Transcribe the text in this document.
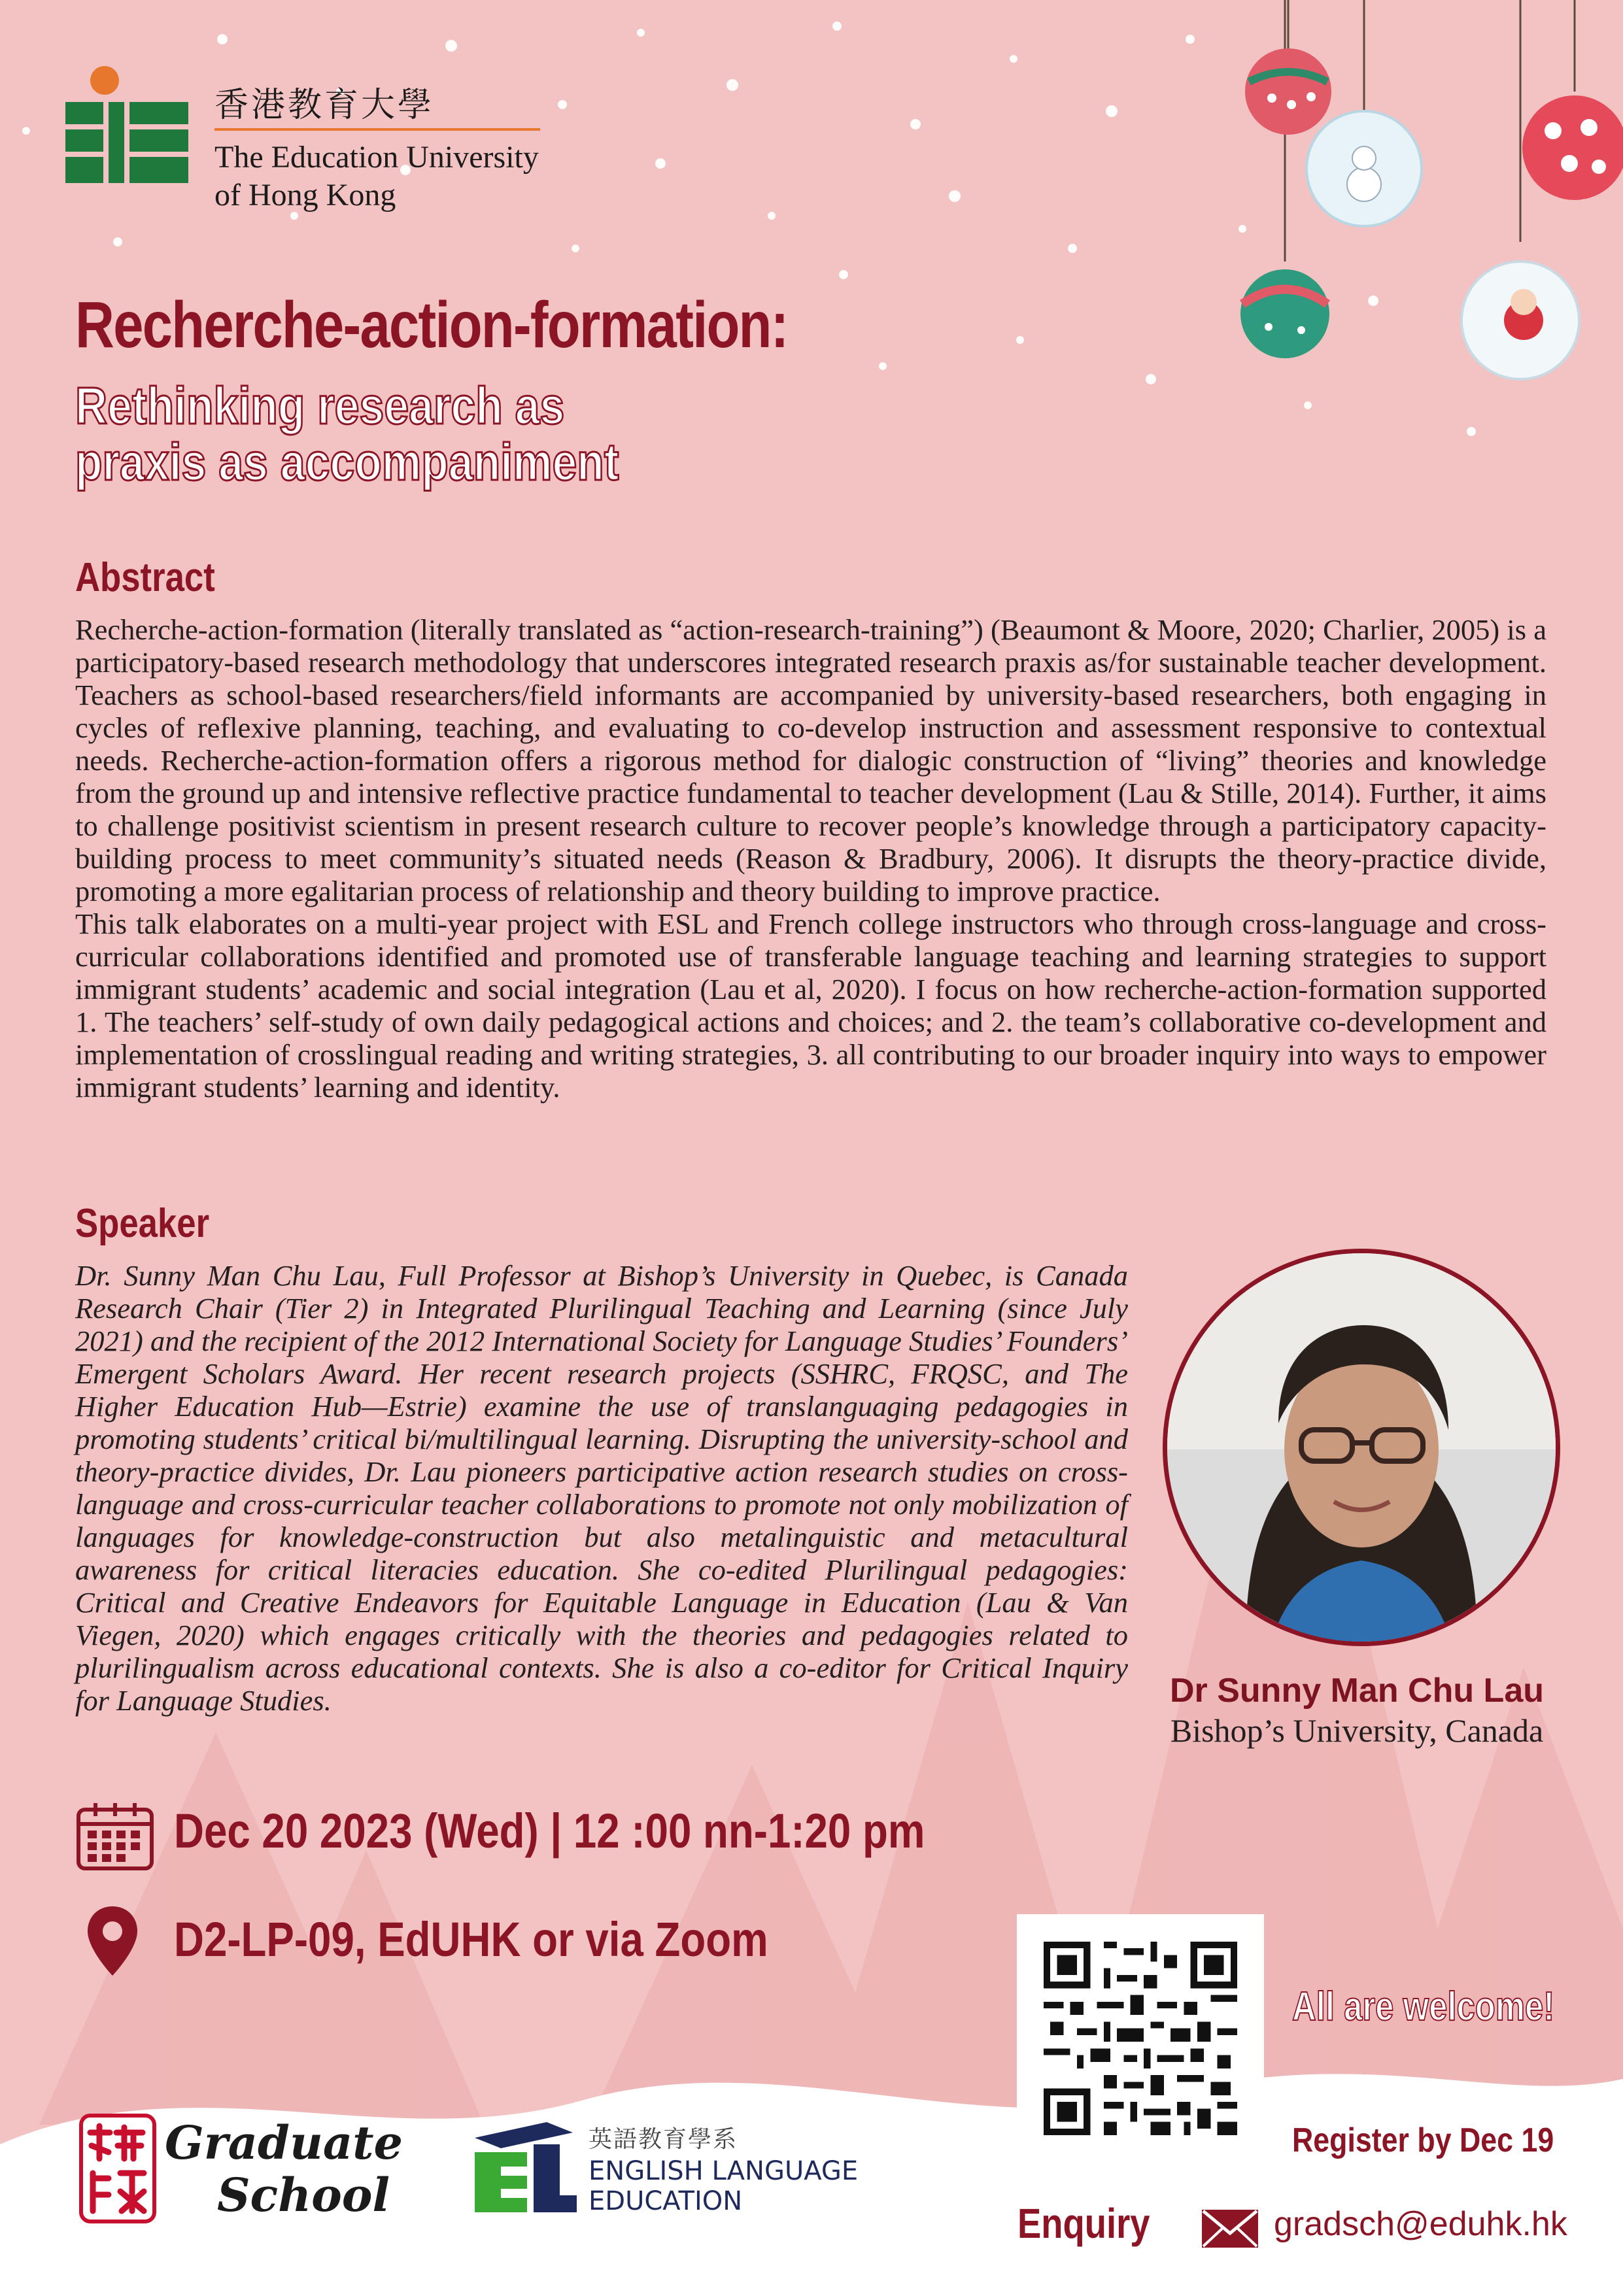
香港教育大學
The Education University
of Hong Kong
Recherche-action-formation:
Rethinking research as
praxis as accompaniment
Abstract

Recherche-action-formation (literally translated as “action-research-training”) (Beaumont & Moore, 2020; Charlier, 2005) is a participatory-based research methodology that underscores integrated research praxis as/for sustainable teacher development. Teachers as school-based researchers/field informants are accompanied by university-based researchers, both engaging in cycles of reflexive planning, teaching, and evaluating to co-develop instruction and assessment responsive to contextual needs. Recherche-action-formation offers a rigorous method for dialogic construction of “living” theories and knowledge from the ground up and intensive reflective practice fundamental to teacher development (Lau & Stille, 2014). Further, it aims to challenge positivist scientism in present research culture to recover people’s knowledge through a participatory capacity-building process to meet community’s situated needs (Reason & Bradbury, 2006). It disrupts the theory-practice divide, promoting a more egalitarian process of relationship and theory building to improve practice.

This talk elaborates on a multi-year project with ESL and French college instructors who through cross-language and cross-curricular collaborations identified and promoted use of transferable language teaching and learning strategies to support immigrant students’ academic and social integration (Lau et al, 2020). I focus on how recherche-action-formation supported 1. The teachers’ self-study of own daily pedagogical actions and choices; and 2. the team’s collaborative co-development and implementation of crosslingual reading and writing strategies, 3. all contributing to our broader inquiry into ways to empower immigrant students’ learning and identity.

Speaker
Dr. Sunny Man Chu Lau, Full Professor at Bishop’s University in Quebec, is Canada Research Chair (Tier 2) in Integrated Plurilingual Teaching and Learning (since July 2021) and the recipient of the 2012 International Society for Language Studies’ Founders’ Emergent Scholars Award. Her recent research projects (SSHRC, FRQSC, and The Higher Education Hub—Estrie) examine the use of translanguaging pedagogies in promoting students’ critical bi/multilingual learning. Disrupting the university-school and theory-practice divides, Dr. Lau pioneers participative action research studies on cross-language and cross-curricular teacher collaborations to promote not only mobilization of languages for knowledge-construction but also metalinguistic and metacultural awareness for critical literacies education. She co-edited Plurilingual pedagogies: Critical and Creative Endeavors for Equitable Language in Education (Lau & Van Viegen, 2020) which engages critically with the theories and pedagogies related to plurilingualism across educational contexts. She is also a co-editor for Critical Inquiry for Language Studies.	Dr Sunny Man Chu Lau
Bishop’s University, Canada
Dec 20 2023 (Wed) | 12 :00 nn-1:20 pm
D2-LP-09, EdUHK or via Zoom
All are welcome!
Register by Dec 19
Enquiry	gradsch@eduhk.hk
Graduate
School
英語教育學系
ENGLISH LANGUAGE
EDUCATION
